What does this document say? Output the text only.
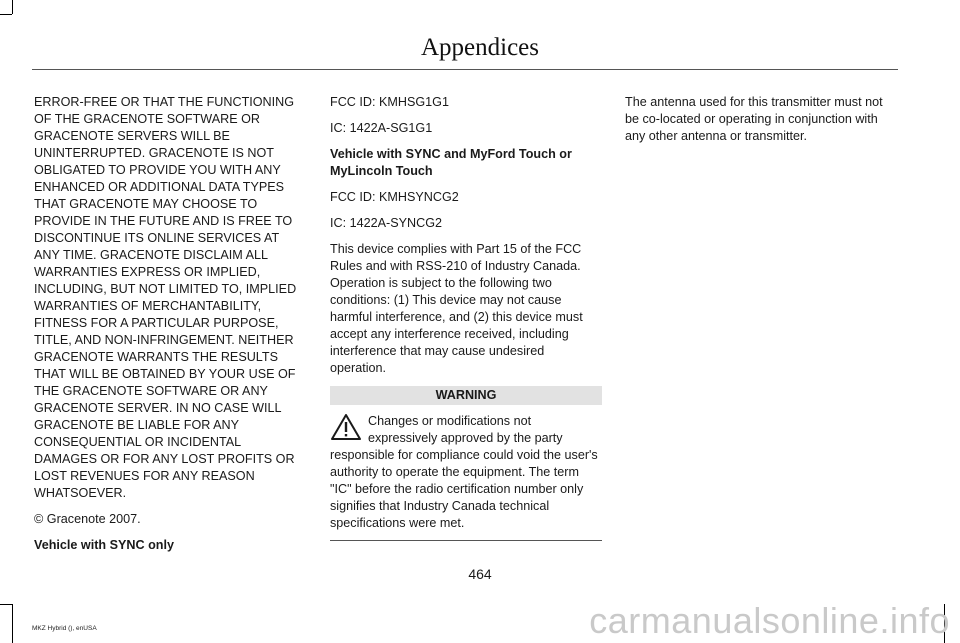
Appendices

ERROR-FREE OR THAT THE FUNCTIONING OF THE GRACENOTE SOFTWARE OR GRACENOTE SERVERS WILL BE UNINTERRUPTED. GRACENOTE IS NOT OBLIGATED TO PROVIDE YOU WITH ANY ENHANCED OR ADDITIONAL DATA TYPES THAT GRACENOTE MAY CHOOSE TO PROVIDE IN THE FUTURE AND IS FREE TO DISCONTINUE ITS ONLINE SERVICES AT ANY TIME. GRACENOTE DISCLAIM ALL WARRANTIES EXPRESS OR IMPLIED, INCLUDING, BUT NOT LIMITED TO, IMPLIED WARRANTIES OF MERCHANTABILITY, FITNESS FOR A PARTICULAR PURPOSE, TITLE, AND NON-INFRINGEMENT. NEITHER GRACENOTE WARRANTS THE RESULTS THAT WILL BE OBTAINED BY YOUR USE OF THE GRACENOTE SOFTWARE OR ANY GRACENOTE SERVER. IN NO CASE WILL GRACENOTE BE LIABLE FOR ANY CONSEQUENTIAL OR INCIDENTAL DAMAGES OR FOR ANY LOST PROFITS OR LOST REVENUES FOR ANY REASON WHATSOEVER.

© Gracenote 2007.

Vehicle with SYNC only

FCC ID: KMHSG1G1

IC: 1422A-SG1G1

Vehicle with SYNC and MyFord Touch or MyLincoln Touch

FCC ID: KMHSYNCG2

IC: 1422A-SYNCG2

This device complies with Part 15 of the FCC Rules and with RSS-210 of Industry Canada. Operation is subject to the following two conditions: (1) This device may not cause harmful interference, and (2) this device must accept any interference received, including interference that may cause undesired operation.

WARNING
Changes or modifications not expressively approved by the party responsible for compliance could void the user's authority to operate the equipment. The term "IC" before the radio certification number only signifies that Industry Canada technical specifications were met.

The antenna used for this transmitter must not be co-located or operating in conjunction with any other antenna or transmitter.

464
MKZ Hybrid (), enUSA	carmanualsonline.info
